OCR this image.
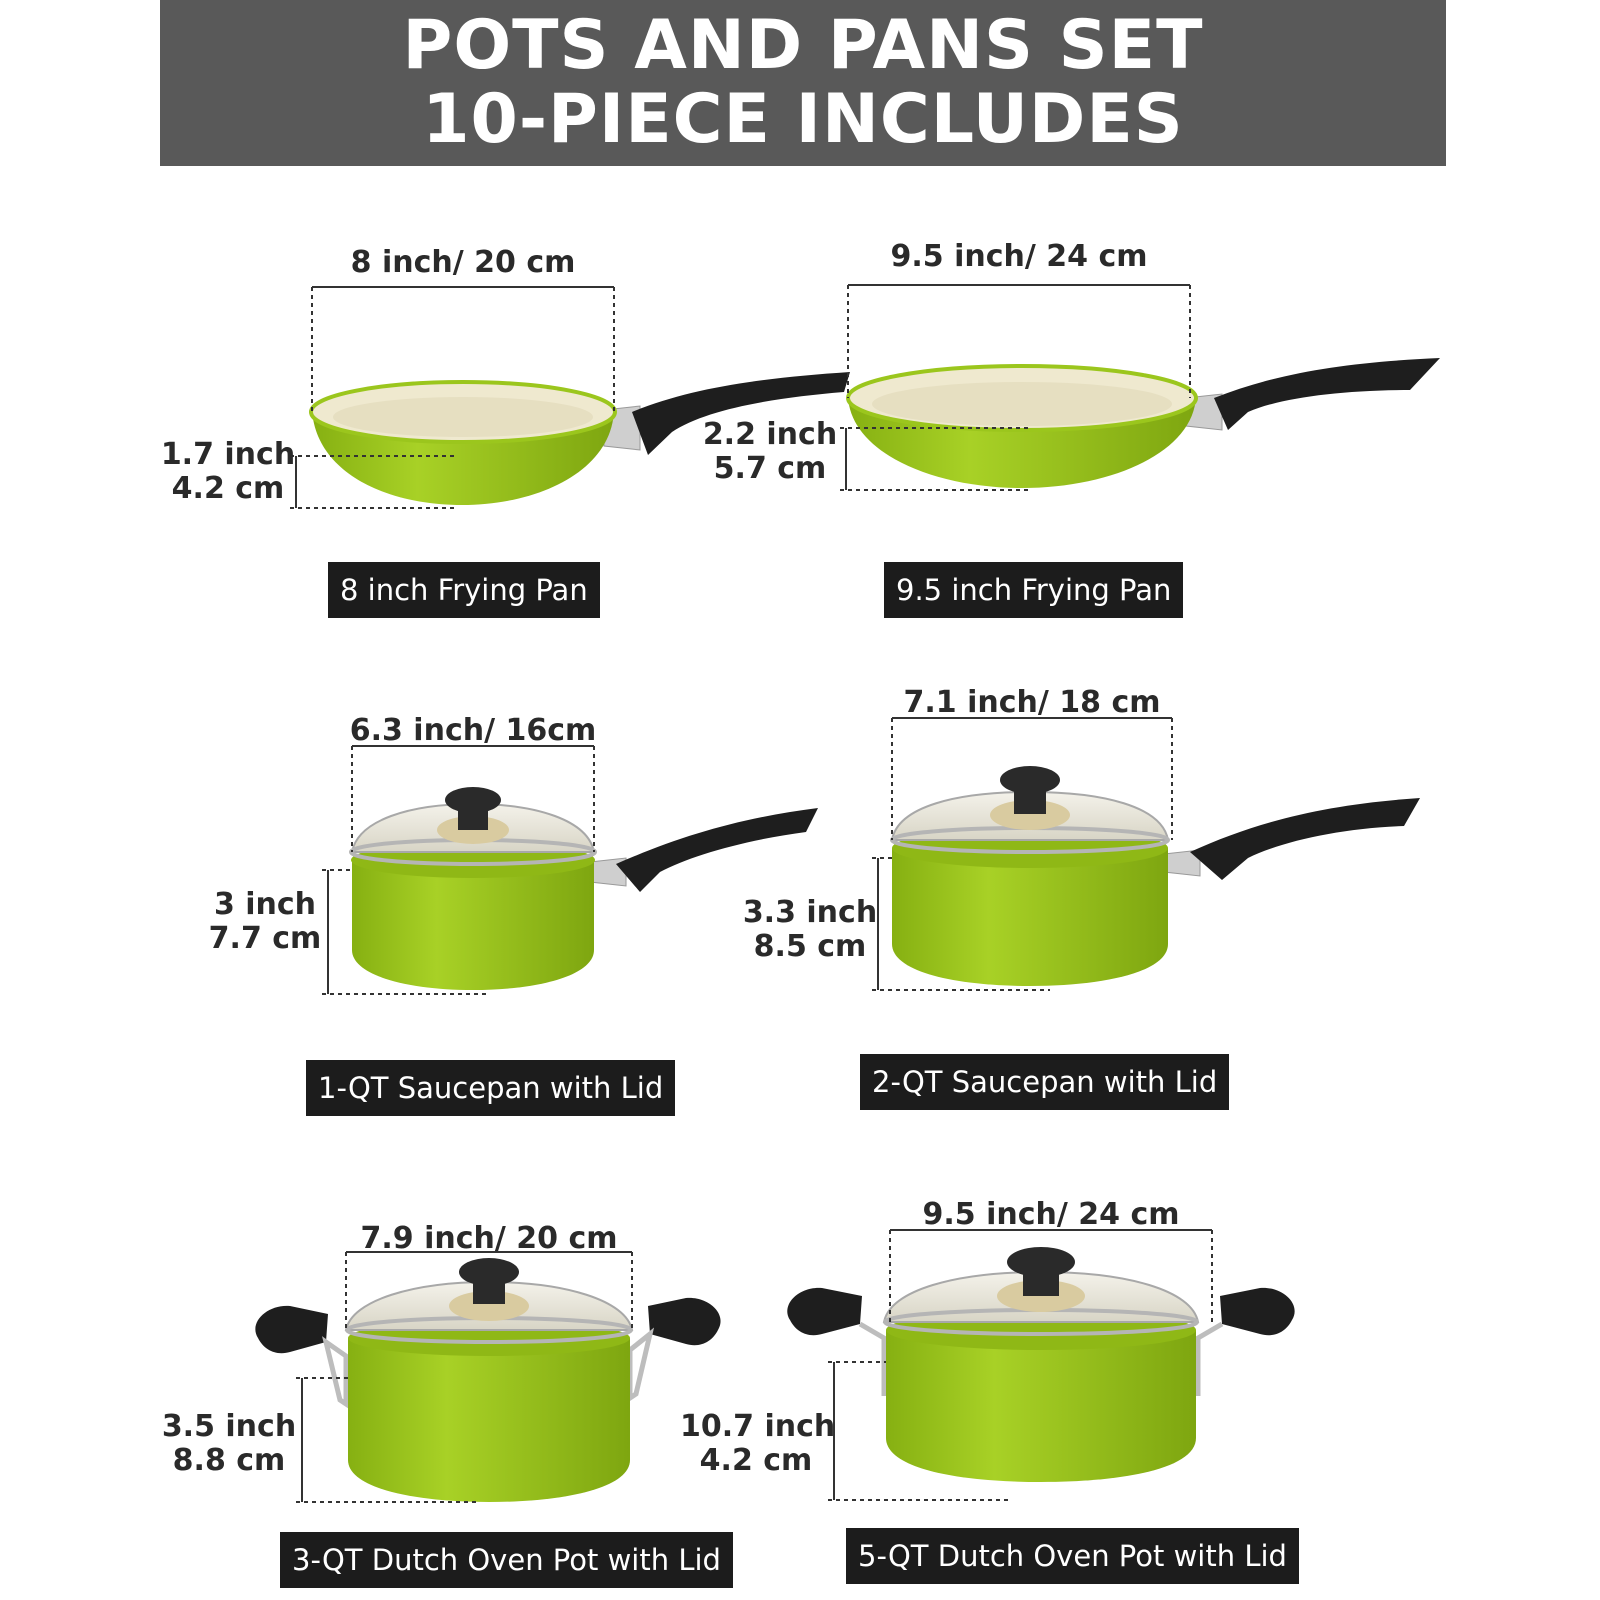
POTS AND PANS SET
10-PIECE INCLUDES
8 inch/ 20 cm	9.5 inch/ 24 cm
6.3 inch/ 16cm
7.1 inch/ 18 cm
7.9 inch/ 20 cm
9.5 inch/ 24 cm
1.7 inch
4.2 cm
2.2 inch
5.7 cm
3 inch
7.7 cm
3.3 inch
8.5 cm
3.5 inch
8.8 cm
10.7 inch
4.2 cm
8 inch Frying Pan	9.5 inch Frying Pan
1-QT Saucepan with Lid	2-QT Saucepan with Lid
3-QT Dutch Oven Pot with Lid	5-QT Dutch Oven Pot with Lid
